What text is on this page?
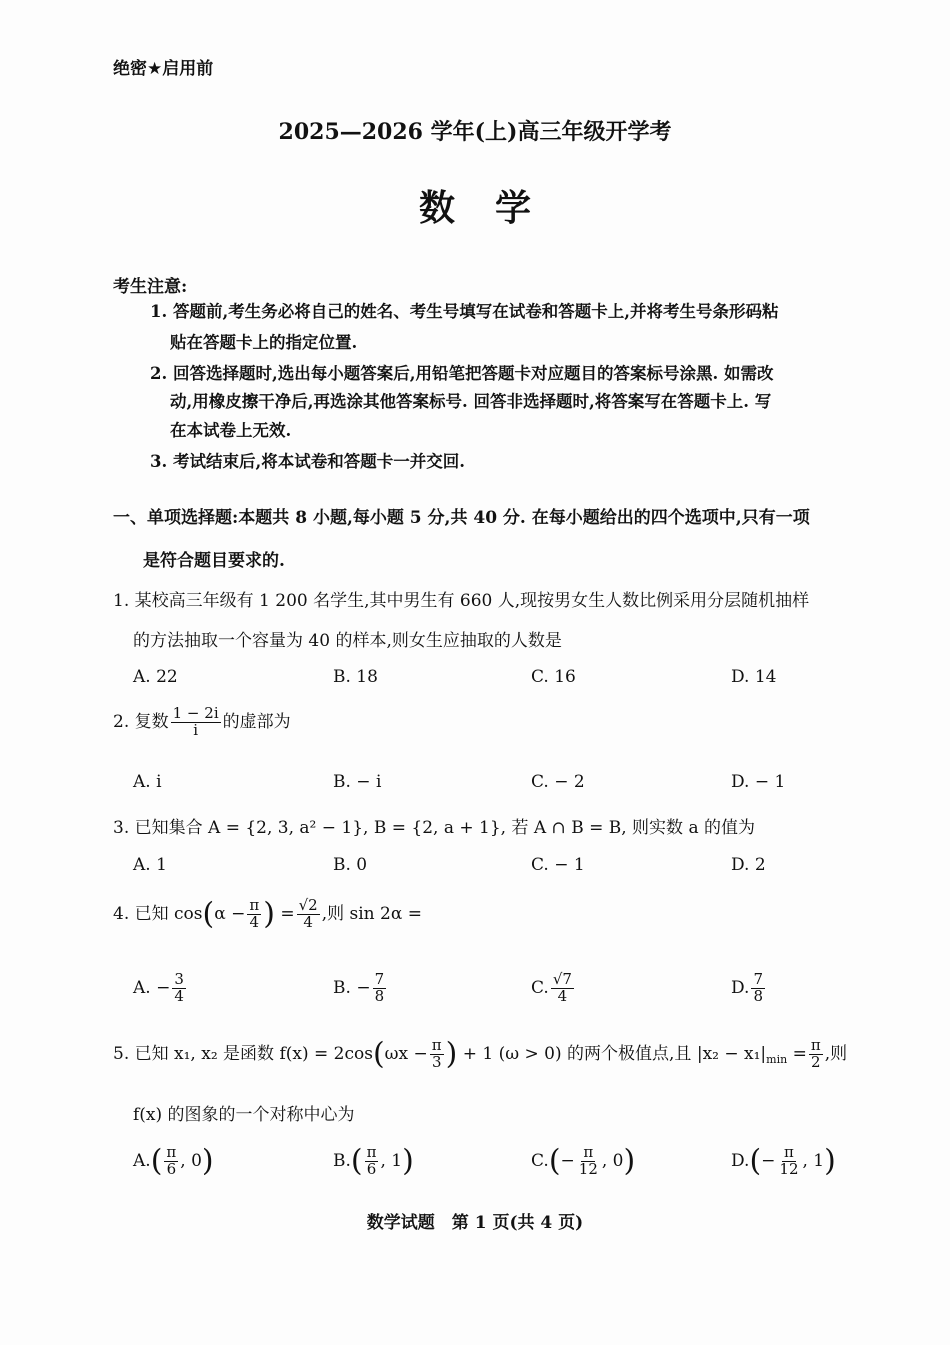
绝密★启用前
2025—2026 学年(上)高三年级开学考
数学
考生注意:
1. 答题前,考生务必将自己的姓名、考生号填写在试卷和答题卡上,并将考生号条形码粘
贴在答题卡上的指定位置.
2. 回答选择题时,选出每小题答案后,用铅笔把答题卡对应题目的答案标号涂黑. 如需改
动,用橡皮擦干净后,再选涂其他答案标号. 回答非选择题时,将答案写在答题卡上. 写
在本试卷上无效.
3. 考试结束后,将本试卷和答题卡一并交回.
一、单项选择题:本题共 8 小题,每小题 5 分,共 40 分. 在每小题给出的四个选项中,只有一项
是符合题目要求的.
1. 某校高三年级有 1 200 名学生,其中男生有 660 人,现按男女生人数比例采用分层随机抽样
的方法抽取一个容量为 40 的样本,则女生应抽取的人数是
A. 22	B. 18	C. 16	D. 14
2. 复数 $\frac{1 - 2i}{i}$ 的虚部为
A. i	B. − i	C. − 2	D. − 1
3. 已知集合 A = {2, 3, a² − 1}, B = {2, a + 1}, 若 A ∩ B = B, 则实数 a 的值为
A. 1	B. 0	C. − 1	D. 2
4. 已知 $\cos(\alpha - \frac{\pi}{4}$ ) = $\frac{√2}{4}$ ,则 sin 2α =
A. − $\frac{3}{4}$	B. − $\frac{7}{8}$	C. $\frac{√7}{4}$	D. $\frac{7}{8}$
5. 已知 x₁, x₂ 是函数 $f(x) = 2\cos(\omega x - \frac{\pi}{3}$ ) + 1 (ω > 0) 的两个极值点,且 $|x_2 - x_1|_{min} = \frac{\pi}{2}$ ,则
f(x) 的图象的一个对称中心为
$A.( \frac{\pi}{6}$ , 0)	$B.( \frac{\pi}{6}$ , 1)	$C.(- \frac{\pi}{12}$ , 0)	$D.(- \frac{\pi}{12}$ , 1)
数学试题　第 1 页(共 4 页)
